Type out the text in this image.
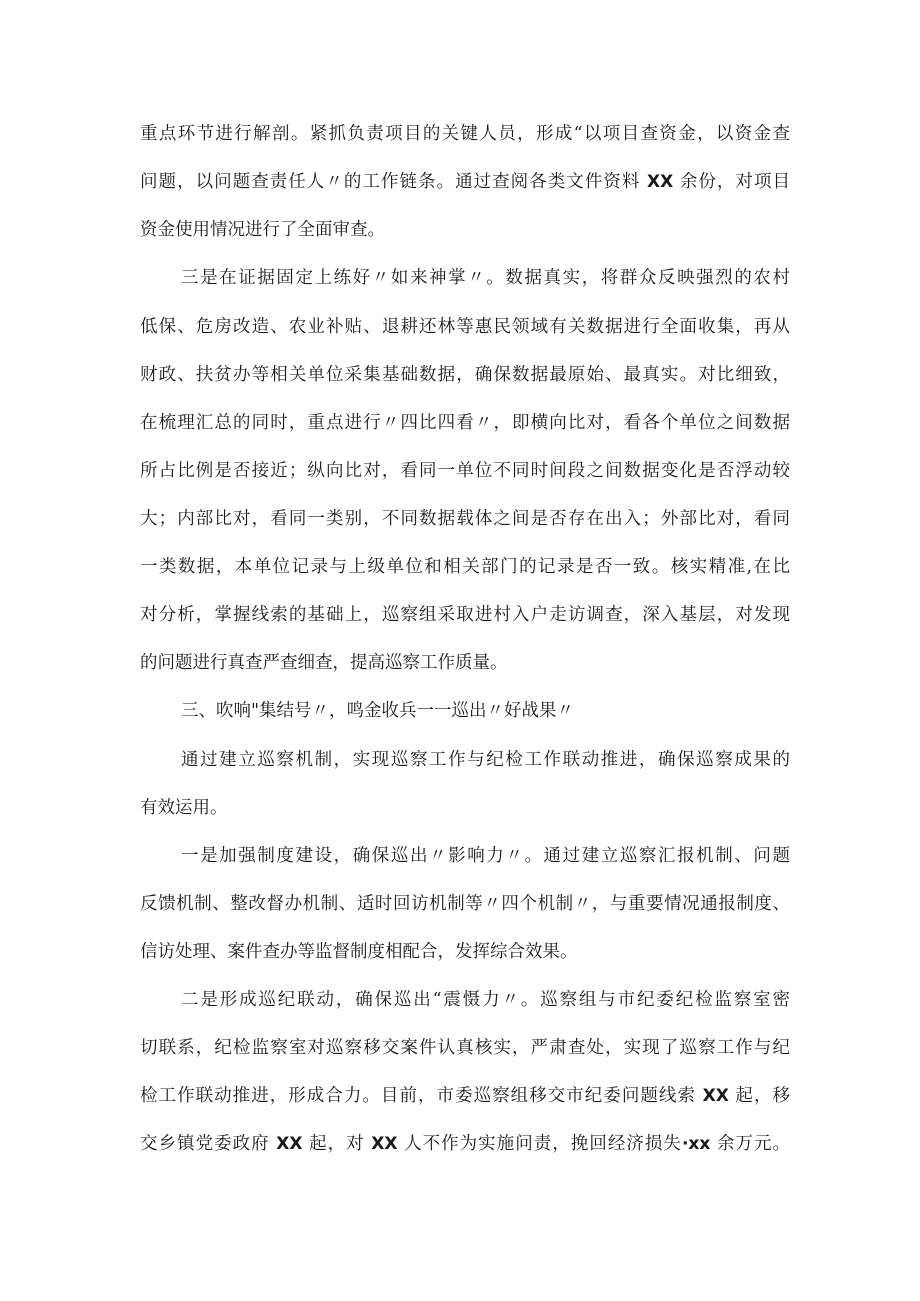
重点环节进行解剖。紧抓负责项目的关键人员，形成“以项目查资金，以资金查
问题，以问题查责任人〃的工作链条。通过查阅各类文件资料 XX 余份，对项目
资金使用情况进行了全面审查。
三是在证据固定上练好〃如来神掌〃。数据真实，将群众反映强烈的农村
低保、危房改造、农业补贴、退耕还林等惠民领域有关数据进行全面收集，再从
财政、扶贫办等相关单位采集基础数据，确保数据最原始、最真实。对比细致，
在梳理汇总的同时，重点进行〃四比四看〃，即横向比对，看各个单位之间数据
所占比例是否接近；纵向比对，看同一单位不同时间段之间数据变化是否浮动较
大；内部比对，看同一类别，不同数据载体之间是否存在出入；外部比对，看同
一类数据，本单位记录与上级单位和相关部门的记录是否一致。核实精准,在比
对分析，掌握线索的基础上，巡察组采取进村入户走访调查，深入基层，对发现
的问题进行真查严查细查，提高巡察工作质量。
三、吹响"集结号〃，鸣金收兵一一巡出〃好战果〃
通过建立巡察机制，实现巡察工作与纪检工作联动推进，确保巡察成果的
有效运用。
一是加强制度建设，确保巡出〃影响力〃。通过建立巡察汇报机制、问题
反馈机制、整改督办机制、适时回访机制等〃四个机制〃，与重要情况通报制度、
信访处理、案件查办等监督制度相配合，发挥综合效果。
二是形成巡纪联动，确保巡出“震慑力〃。巡察组与市纪委纪检监察室密
切联系，纪检监察室对巡察移交案件认真核实，严肃查处，实现了巡察工作与纪
检工作联动推进，形成合力。目前，市委巡察组移交市纪委问题线索 XX 起，移
交乡镇党委政府 XX 起，对 XX 人不作为实施问责，挽回经济损失·xx 余万元。
